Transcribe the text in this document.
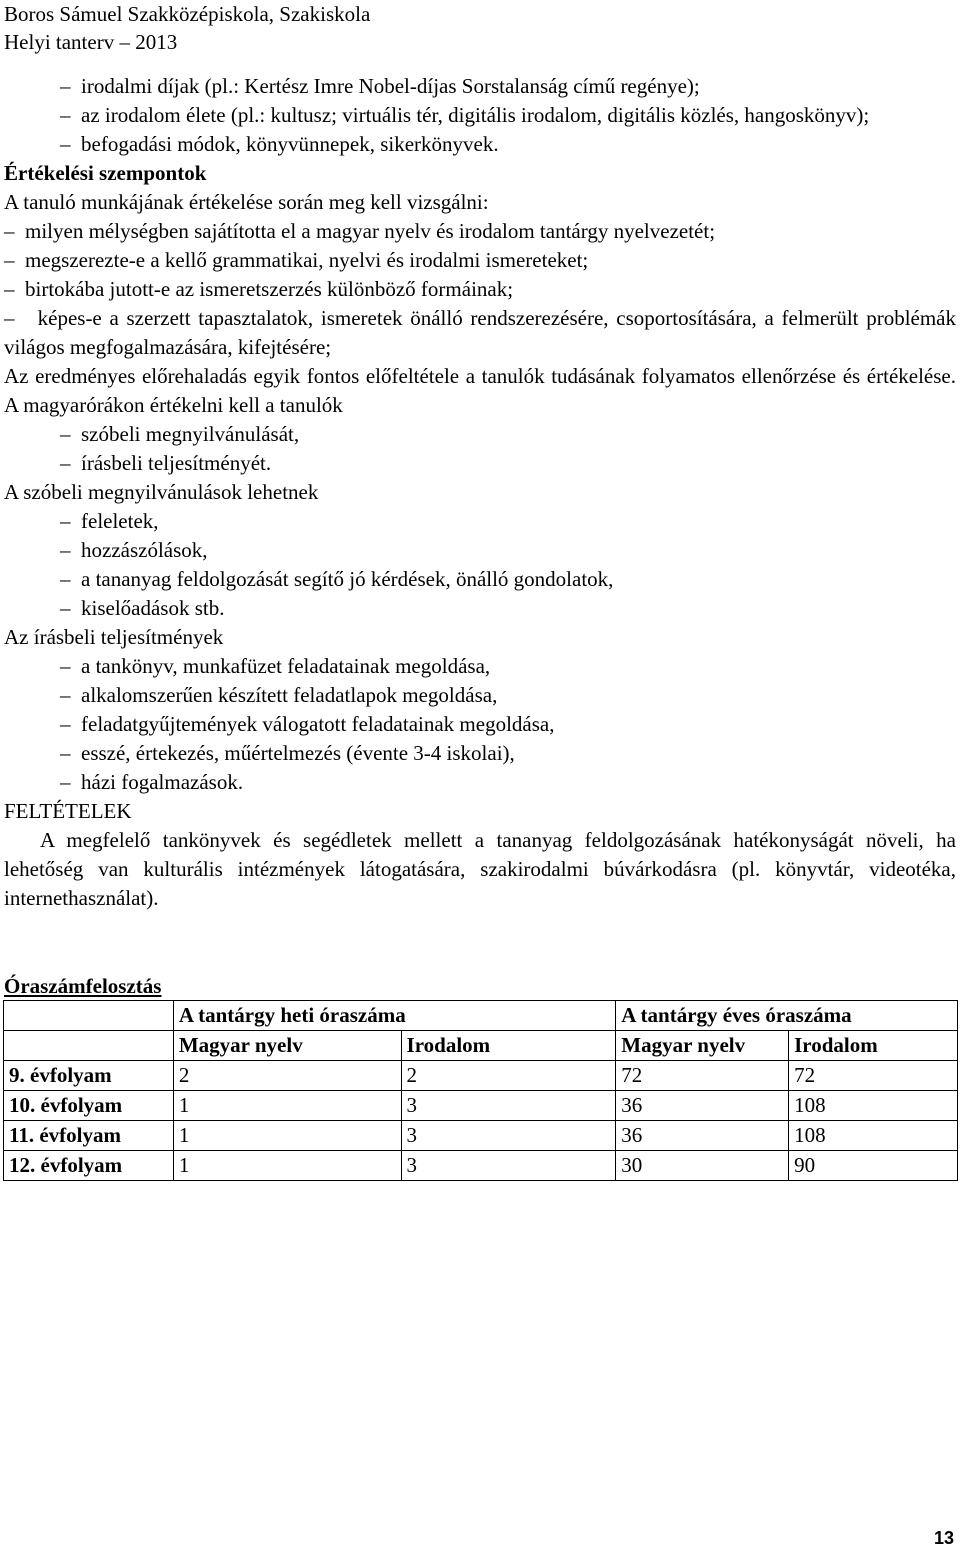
Boros Sámuel Szakközépiskola, Szakiskola
Helyi tanterv – 2013
– irodalmi díjak (pl.: Kertész Imre Nobel-díjas Sorstalanság című regénye);
– az irodalom élete (pl.: kultusz; virtuális tér, digitális irodalom, digitális közlés, hangoskönyv);
– befogadási módok, könyvünnepek, sikerkönyvek.
Értékelési szempontok
A tanuló munkájának értékelése során meg kell vizsgálni:
– milyen mélységben sajátította el a magyar nyelv és irodalom tantárgy nyelvezetét;
– megszerezte-e a kellő grammatikai, nyelvi és irodalmi ismereteket;
– birtokába jutott-e az ismeretszerzés különböző formáinak;
– képes-e a szerzett tapasztalatok, ismeretek önálló rendszerezésére, csoportosítására, a felmerült problémák világos megfogalmazására, kifejtésére;
Az eredményes előrehaladás egyik fontos előfeltétele a tanulók tudásának folyamatos ellenőrzése és értékelése. A magyarórákon értékelni kell a tanulók
– szóbeli megnyilvánulását,
– írásbeli teljesítményét.
A szóbeli megnyilvánulások lehetnek
– feleletek,
– hozzászólások,
– a tananyag feldolgozását segítő jó kérdések, önálló gondolatok,
– kiselőadások stb.
Az írásbeli teljesítmények
– a tankönyv, munkafüzet feladatainak megoldása,
– alkalomszerűen készített feladatlapok megoldása,
– feladatgyűjtemények válogatott feladatainak megoldása,
– esszé, értekezés, műértelmezés (évente 3-4 iskolai),
– házi fogalmazások.
FELTÉTELEK
A megfelelő tankönyvek és segédletek mellett a tananyag feldolgozásának hatékonyságát növeli, ha lehetőség van kulturális intézmények látogatására, szakirodalmi búvárkodásra (pl. könyvtár, videotéka, internethasználat).
Óraszámfelosztás
	A tantárgy heti óraszáma		A tantárgy éves óraszáma	
	Magyar nyelv	Irodalom	Magyar nyelv	Irodalom
9. évfolyam	2	2	72	72
10. évfolyam	1	3	36	108
11. évfolyam	1	3	36	108
12. évfolyam	1	3	30	90
13
